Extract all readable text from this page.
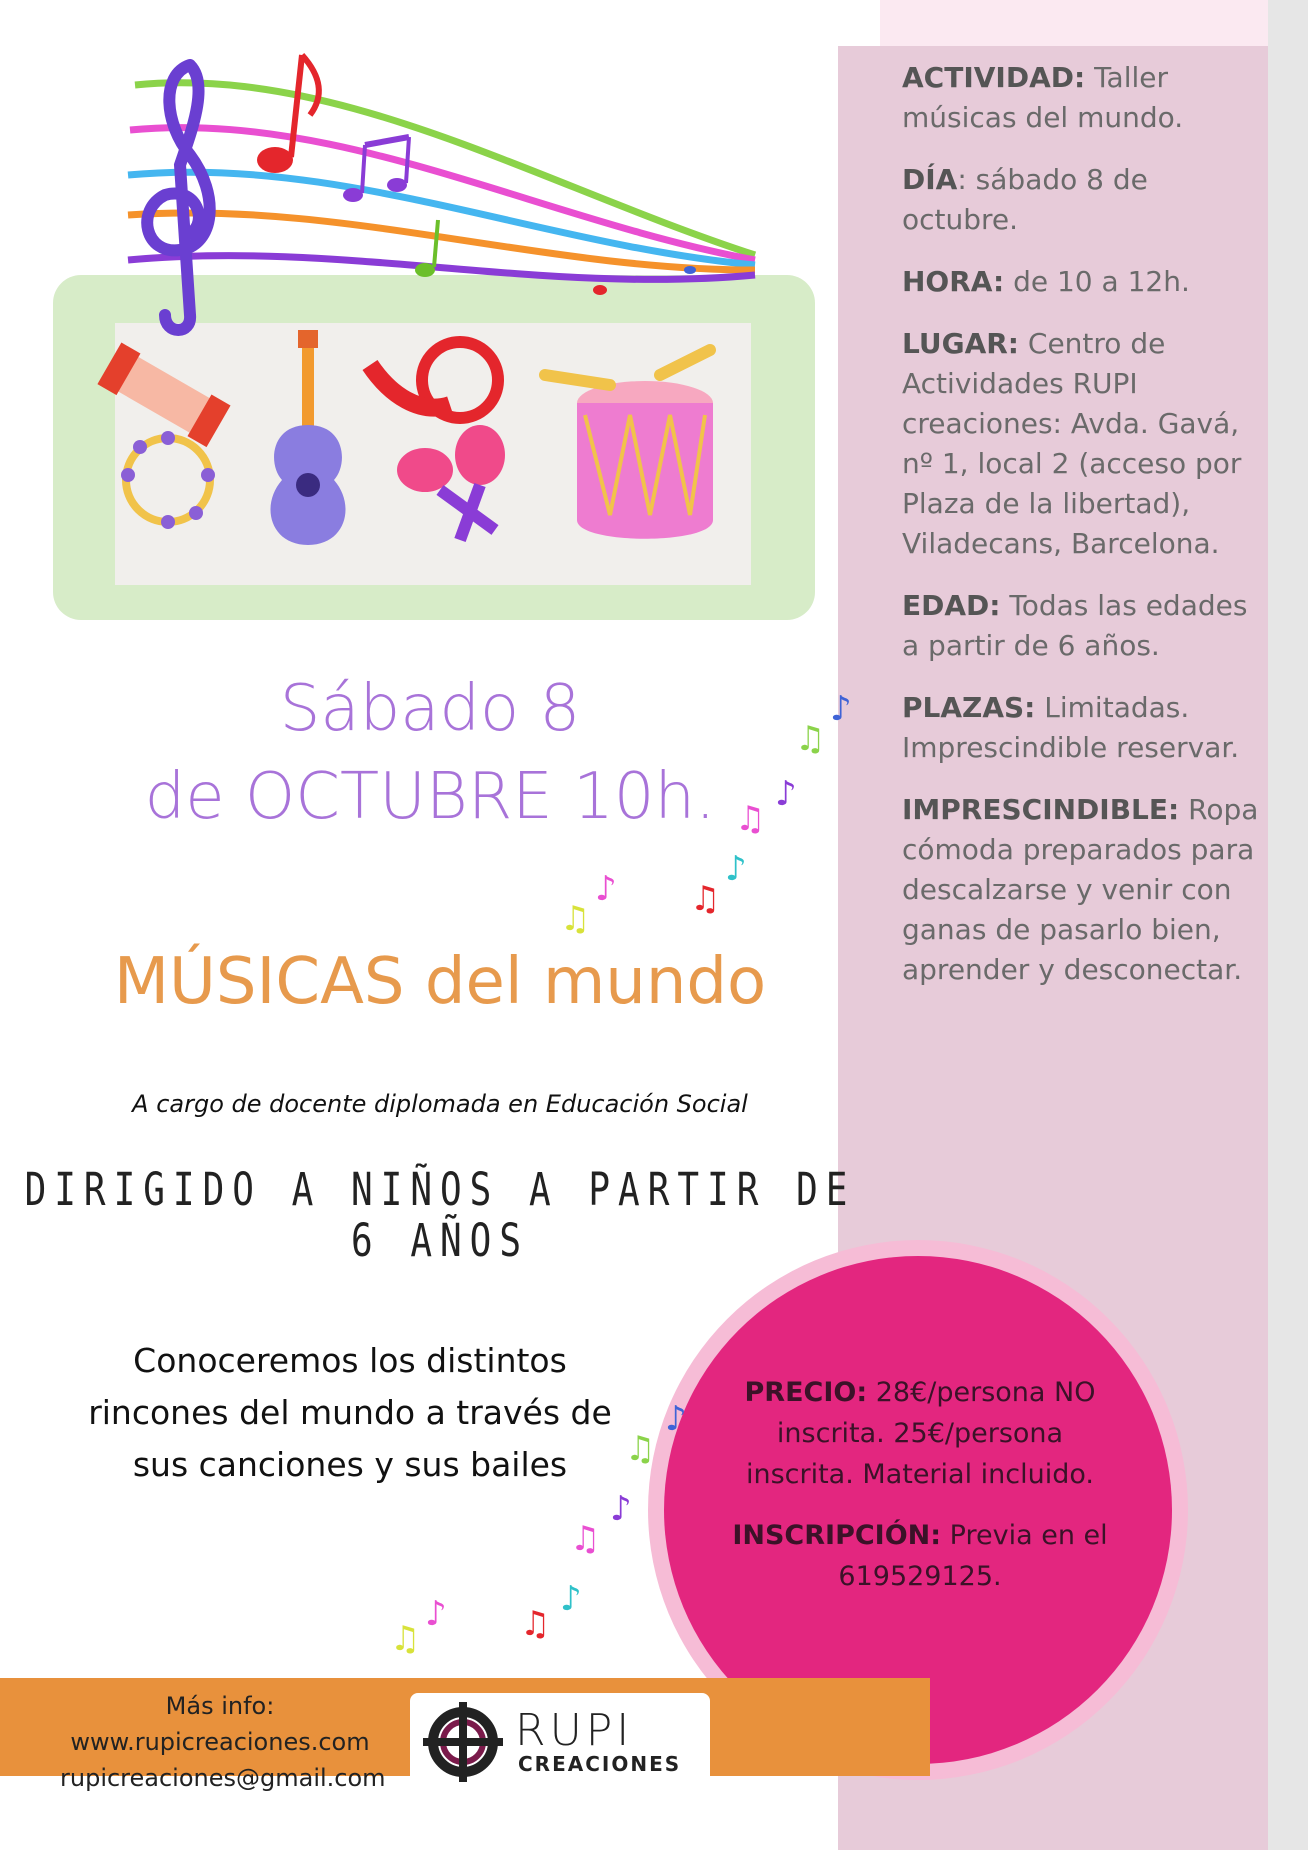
ACTIVIDAD: Taller músicas del mundo.

DÍA: sábado 8 de octubre.

HORA: de 10 a 12h.

LUGAR: Centro de Actividades RUPI creaciones: Avda. Gavá, nº 1, local 2 (acceso por Plaza de la libertad), Viladecans, Barcelona.

EDAD: Todas las edades a partir de 6 años.

PLAZAS: Limitadas. Imprescindible reservar.

IMPRESCINDIBLE: Ropa cómoda preparados para descalzarse y venir con ganas de pasarlo bien, aprender y desconectar.

Sábado 8
de OCTUBRE 10h.
♫
♪ ♫
♪
♫
♪
♫
♪
MÚSICAS del mundo
A cargo de docente diplomada en Educación Social
DIRIGIDO A NIÑOS A PARTIR DE 6 AÑOS
Conoceremos los distintos rincones del mundo a través de sus canciones y sus bailes

PRECIO: 28€/persona NO inscrita. 25€/persona inscrita. Material incluido.

INSCRIPCIÓN: Previa en el 619529125.

♫
♪ ♫
♪
♫
♪
♫
♪
Más info:
www.rupicreaciones.com
rupicreaciones@gmail.com
RUPI
CREACIONES
